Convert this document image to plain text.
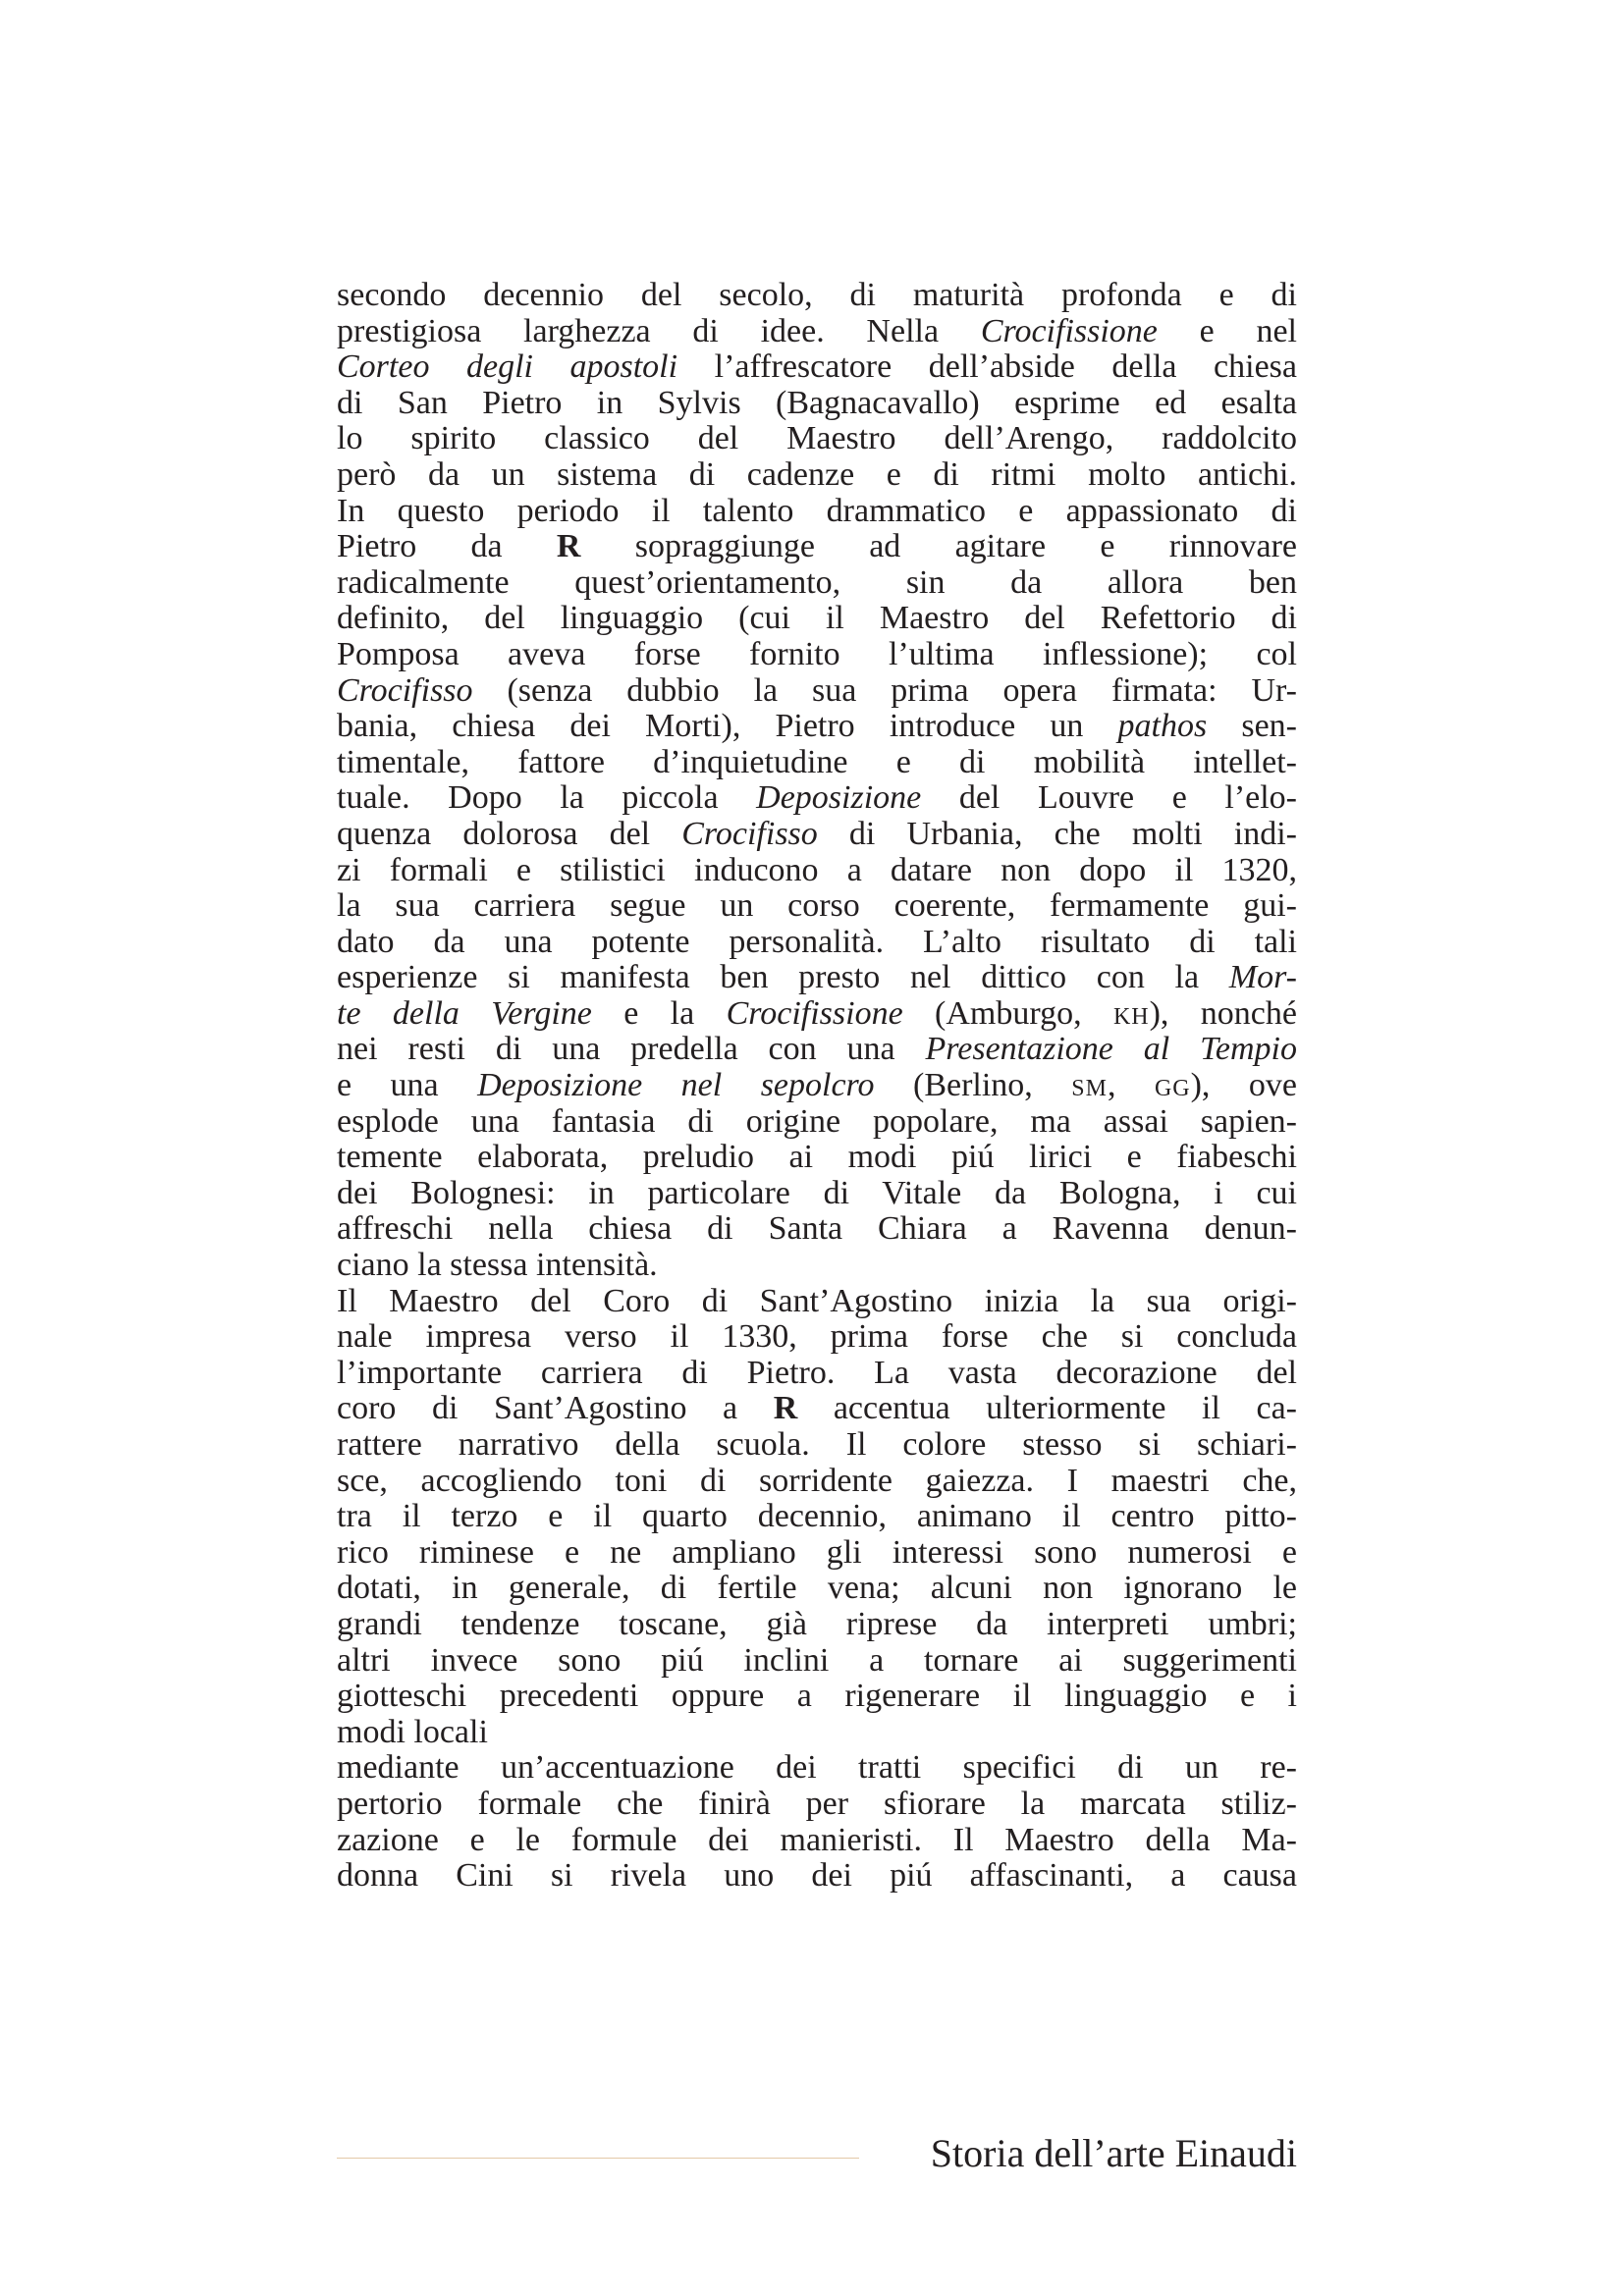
secondo decennio del secolo, di maturità profonda e di
prestigiosa larghezza di idee. Nella Crocifissione e nel
Corteo degli apostoli l’affrescatore dell’abside della chiesa
di San Pietro in Sylvis (Bagnacavallo) esprime ed esalta
lo spirito classico del Maestro dell’Arengo, raddolcito
però da un sistema di cadenze e di ritmi molto antichi.
In questo periodo il talento drammatico e appassionato di
Pietro da R sopraggiunge ad agitare e rinnovare
radicalmente quest’orientamento, sin da allora ben
definito, del linguaggio (cui il Maestro del Refettorio di
Pomposa aveva forse fornito l’ultima inflessione); col
Crocifisso (senza dubbio la sua prima opera firmata: Ur-
bania, chiesa dei Morti), Pietro introduce un pathos sen-
timentale, fattore d’inquietudine e di mobilità intellet-
tuale. Dopo la piccola Deposizione del Louvre e l’elo-
quenza dolorosa del Crocifisso di Urbania, che molti indi-
zi formali e stilistici inducono a datare non dopo il 1320,
la sua carriera segue un corso coerente, fermamente gui-
dato da una potente personalità. L’alto risultato di tali
esperienze si manifesta ben presto nel dittico con la Mor-
te della Vergine e la Crocifissione (Amburgo, kh), nonché
nei resti di una predella con una Presentazione al Tempio
e una Deposizione nel sepolcro (Berlino, sm, gg), ove
esplode una fantasia di origine popolare, ma assai sapien-
temente elaborata, preludio ai modi piú lirici e fiabeschi
dei Bolognesi: in particolare di Vitale da Bologna, i cui
affreschi nella chiesa di Santa Chiara a Ravenna denun-
ciano la stessa intensità.
Il Maestro del Coro di Sant’Agostino inizia la sua origi-
nale impresa verso il 1330, prima forse che si concluda
l’importante carriera di Pietro. La vasta decorazione del
coro di Sant’Agostino a R accentua ulteriormente il ca-
rattere narrativo della scuola. Il colore stesso si schiari-
sce, accogliendo toni di sorridente gaiezza. I maestri che,
tra il terzo e il quarto decennio, animano il centro pitto-
rico riminese e ne ampliano gli interessi sono numerosi e
dotati, in generale, di fertile vena; alcuni non ignorano le
grandi tendenze toscane, già riprese da interpreti umbri;
altri invece sono piú inclini a tornare ai suggerimenti
giotteschi precedenti oppure a rigenerare il linguaggio e i
modi locali
mediante un’accentuazione dei tratti specifici di un re-
pertorio formale che finirà per sfiorare la marcata stiliz-
zazione e le formule dei manieristi. Il Maestro della Ma-
donna Cini si rivela uno dei piú affascinanti, a causa
Storia dell’arte Einaudi
